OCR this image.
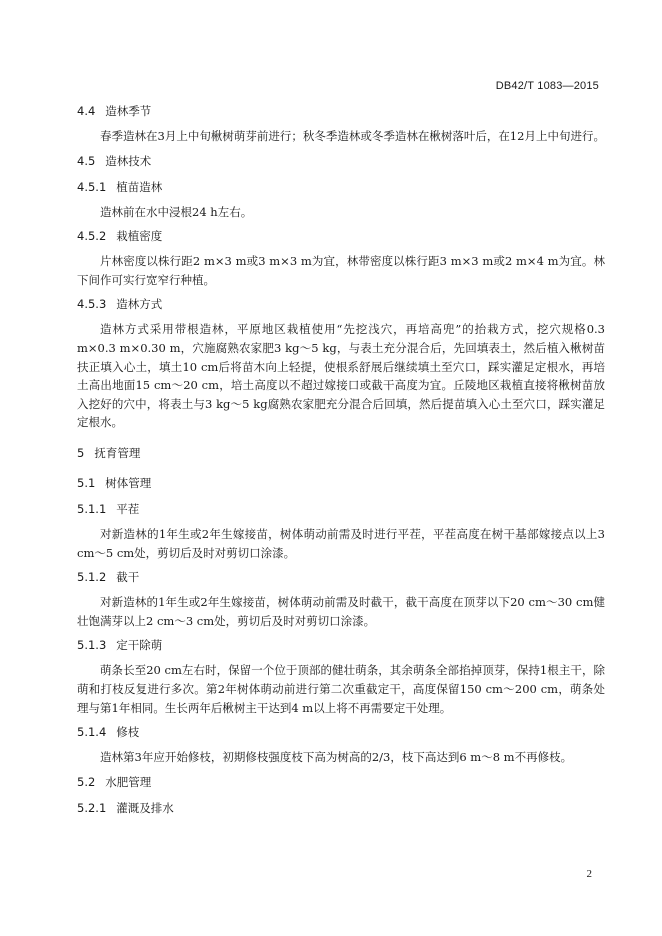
DB42/T 1083—2015
4.4 造林季节

春季造林在3月上中旬楸树萌芽前进行；秋冬季造林或冬季造林在楸树落叶后，在12月上中旬进行。

4.5 造林技术
4.5.1 植苗造林

造林前在水中浸根24 h左右。

4.5.2 栽植密度

片林密度以株行距2 m×3 m或3 m×3 m为宜，林带密度以株行距3 m×3 m或2 m×4 m为宜。林下间作可实行宽窄行种植。

4.5.3 造林方式

造林方式采用带根造林，平原地区栽植使用“先挖浅穴，再培高兜”的抬栽方式，挖穴规格0.3 m×0.3 m×0.30 m，穴施腐熟农家肥3 kg～5 kg，与表土充分混合后，先回填表土，然后植入楸树苗扶正填入心土，填土10 cm后将苗木向上轻提，使根系舒展后继续填土至穴口，踩实灌足定根水，再培土高出地面15 cm～20 cm，培土高度以不超过嫁接口或截干高度为宜。丘陵地区栽植直接将楸树苗放入挖好的穴中，将表土与3 kg～5 kg腐熟农家肥充分混合后回填，然后提苗填入心土至穴口，踩实灌足定根水。

5 抚育管理
5.1 树体管理
5.1.1 平茬

对新造林的1年生或2年生嫁接苗，树体萌动前需及时进行平茬，平茬高度在树干基部嫁接点以上3 cm～5 cm处，剪切后及时对剪切口涂漆。

5.1.2 截干

对新造林的1年生或2年生嫁接苗，树体萌动前需及时截干，截干高度在顶芽以下20 cm～30 cm健壮饱满芽以上2 cm～3 cm处，剪切后及时对剪切口涂漆。

5.1.3 定干除萌

萌条长至20 cm左右时，保留一个位于顶部的健壮萌条，其余萌条全部掐掉顶芽，保持1根主干，除萌和打枝反复进行多次。第2年树体萌动前进行第二次重截定干，高度保留150 cm～200 cm，萌条处理与第1年相同。生长两年后楸树主干达到4 m以上将不再需要定干处理。

5.1.4 修枝

造林第3年应开始修枝，初期修枝强度枝下高为树高的2/3，枝下高达到6 m～8 m不再修枝。

5.2 水肥管理
5.2.1 灌溉及排水
2
